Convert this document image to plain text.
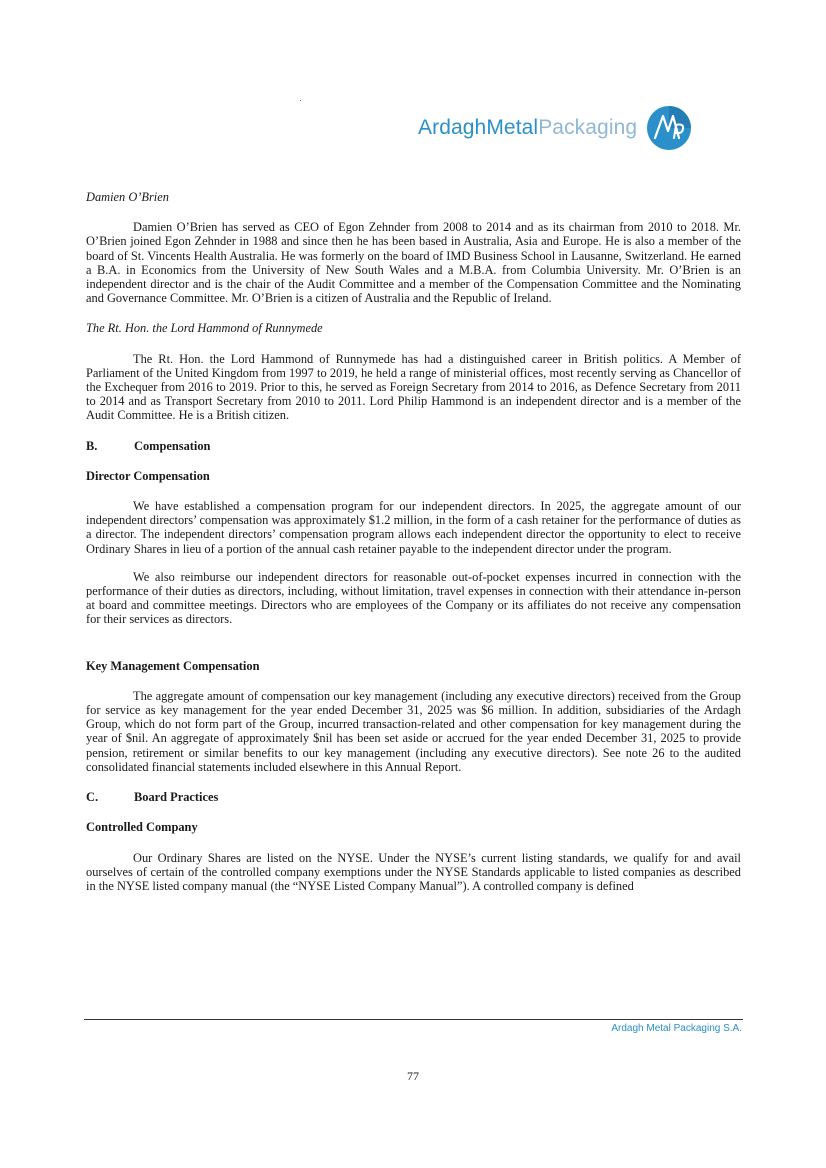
ArdaghMetalPackaging
Damien O’Brien

Damien O’Brien has served as CEO of Egon Zehnder from 2008 to 2014 and as its chairman from 2010 to 2018. Mr. O’Brien joined Egon Zehnder in 1988 and since then he has been based in Australia, Asia and Europe. He is also a member of the board of St. Vincents Health Australia. He was formerly on the board of IMD Business School in Lausanne, Switzerland. He earned a B.A. in Economics from the University of New South Wales and a M.B.A. from Columbia University. Mr. O’Brien is an independent director and is the chair of the Audit Committee and a member of the Compensation Committee and the Nominating and Governance Committee. Mr. O’Brien is a citizen of Australia and the Republic of Ireland.

The Rt. Hon. the Lord Hammond of Runnymede

The Rt. Hon. the Lord Hammond of Runnymede has had a distinguished career in British politics. A Member of Parliament of the United Kingdom from 1997 to 2019, he held a range of ministerial offices, most recently serving as Chancellor of the Exchequer from 2016 to 2019. Prior to this, he served as Foreign Secretary from 2014 to 2016, as Defence Secretary from 2011 to 2014 and as Transport Secretary from 2010 to 2011. Lord Philip Hammond is an independent director and is a member of the Audit Committee. He is a British citizen.

B.	Compensation
Director Compensation

We have established a compensation program for our independent directors. In 2025, the aggregate amount of our independent directors’ compensation was approximately $1.2 million, in the form of a cash retainer for the performance of duties as a director. The independent directors’ compensation program allows each independent director the opportunity to elect to receive Ordinary Shares in lieu of a portion of the annual cash retainer payable to the independent director under the program.

We also reimburse our independent directors for reasonable out-of-pocket expenses incurred in connection with the performance of their duties as directors, including, without limitation, travel expenses in connection with their attendance in-person at board and committee meetings. Directors who are employees of the Company or its affiliates do not receive any compensation for their services as directors.

Key Management Compensation

The aggregate amount of compensation our key management (including any executive directors) received from the Group for service as key management for the year ended December 31, 2025 was $6 million. In addition, subsidiaries of the Ardagh Group, which do not form part of the Group, incurred transaction-related and other compensation for key management during the year of $nil. An aggregate of approximately $nil has been set aside or accrued for the year ended December 31, 2025 to provide pension, retirement or similar benefits to our key management (including any executive directors). See note 26 to the audited consolidated financial statements included elsewhere in this Annual Report.

C.	Board Practices
Controlled Company

Our Ordinary Shares are listed on the NYSE. Under the NYSE’s current listing standards, we qualify for and avail ourselves of certain of the controlled company exemptions under the NYSE Standards applicable to listed companies as described in the NYSE listed company manual (the “NYSE Listed Company Manual”). A controlled company is defined

Ardagh Metal Packaging S.A.
77
